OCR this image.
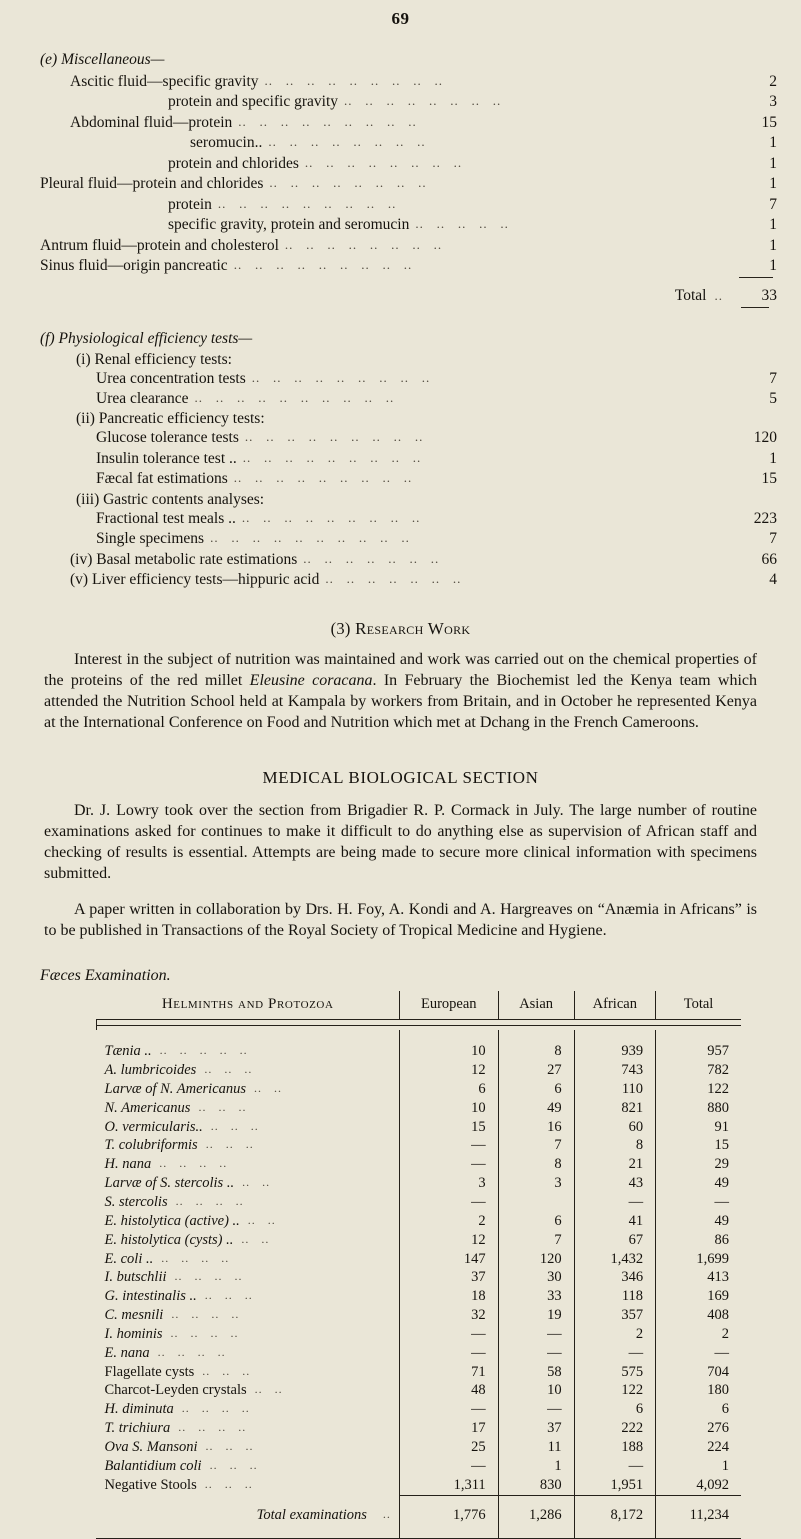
69
(e) Miscellaneous—
Ascitic fluid—specific gravity ..   ..   ..   ..   ..   ..   ..   ..   ..	2
protein and specific gravity ..   ..   ..   ..   ..   ..   ..   ..	3
Abdominal fluid—protein ..   ..   ..   ..   ..   ..   ..   ..   ..	15
seromucin.. ..   ..   ..   ..   ..   ..   ..   ..	1
protein and chlorides ..   ..   ..   ..   ..   ..   ..   ..	1
Pleural fluid—protein and chlorides ..   ..   ..   ..   ..   ..   ..   ..	1
protein ..   ..   ..   ..   ..   ..   ..   ..   ..	7
specific gravity, protein and seromucin ..   ..   ..   ..   ..	1
Antrum fluid—protein and cholesterol ..   ..   ..   ..   ..   ..   ..   ..	1
Sinus fluid—origin pancreatic ..   ..   ..   ..   ..   ..   ..   ..   ..	1
Total ..	33
(f) Physiological efficiency tests—
(i) Renal efficiency tests:
Urea concentration tests ..   ..   ..   ..   ..   ..   ..   ..   ..	7
Urea clearance ..   ..   ..   ..   ..   ..   ..   ..   ..   ..	5
(ii) Pancreatic efficiency tests:
Glucose tolerance tests ..   ..   ..   ..   ..   ..   ..   ..   ..	120
Insulin tolerance test .. ..   ..   ..   ..   ..   ..   ..   ..   ..	1
Fæcal fat estimations ..   ..   ..   ..   ..   ..   ..   ..   ..	15
(iii) Gastric contents analyses:
Fractional test meals .. ..   ..   ..   ..   ..   ..   ..   ..   ..	223
Single specimens ..   ..   ..   ..   ..   ..   ..   ..   ..   ..	7
(iv) Basal metabolic rate estimations ..   ..   ..   ..   ..   ..   ..	66
(v) Liver efficiency tests—hippuric acid ..   ..   ..   ..   ..   ..   ..	4
(3) Research Work

Interest in the subject of nutrition was maintained and work was carried out on the chemical properties of the proteins of the red millet Eleusine coracana. In February the Biochemist led the Kenya team which attended the Nutrition School held at Kampala by workers from Britain, and in October he represented Kenya at the International Conference on Food and Nutrition which met at Dchang in the French Cameroons.

MEDICAL BIOLOGICAL SECTION

Dr. J. Lowry took over the section from Brigadier R. P. Cormack in July. The large number of routine examinations asked for continues to make it difficult to do anything else as supervision of African staff and checking of results is essential. Attempts are being made to secure more clinical information with specimens submitted.

A paper written in collaboration by Drs. H. Foy, A. Kondi and A. Hargreaves on “Anæmia in Africans” is to be published in Transactions of the Royal Society of Tropical Medicine and Hygiene.

Fæces Examination.

Helminths and Protozoa	European	Asian	African	Total

Tænia .. ..   ..   ..   ..   ..	10	8	939	957

A. lumbricoides ..   ..   ..	12	27	743	782

Larvæ of N. Americanus ..   ..	6	6	110	122

N. Americanus ..   ..   ..	10	49	821	880

O. vermicularis.. ..   ..   ..	15	16	60	91

T. colubriformis ..   ..   ..	—	7	8	15

H. nana ..   ..   ..   ..	—	8	21	29

Larvæ of S. stercolis .. ..   ..	3	3	43	49

S. stercolis ..   ..   ..   ..	—		—	—

E. histolytica (active) .. ..   ..	2	6	41	49

E. histolytica (cysts) .. ..   ..	12	7	67	86

E. coli .. ..   ..   ..   ..	147	120	1,432	1,699

I. butschlii ..   ..   ..   ..	37	30	346	413

G. intestinalis .. ..   ..   ..	18	33	118	169

C. mesnili ..   ..   ..   ..	32	19	357	408

I. hominis ..   ..   ..   ..	—	—	2	2

E. nana ..   ..   ..   ..	—	—	—	—

Flagellate cysts ..   ..   ..	71	58	575	704

Charcot-Leyden crystals ..   ..	48	10	122	180

H. diminuta ..   ..   ..   ..	—	—	6	6

T. trichiura ..   ..   ..   ..	17	37	222	276

Ova S. Mansoni ..   ..   ..	25	11	188	224

Balantidium coli ..   ..   ..	—	1	—	1

Negative Stools ..   ..   ..	1,311	830	1,951	4,092

Total examinations ..	1,776	1,286	8,172	11,234
